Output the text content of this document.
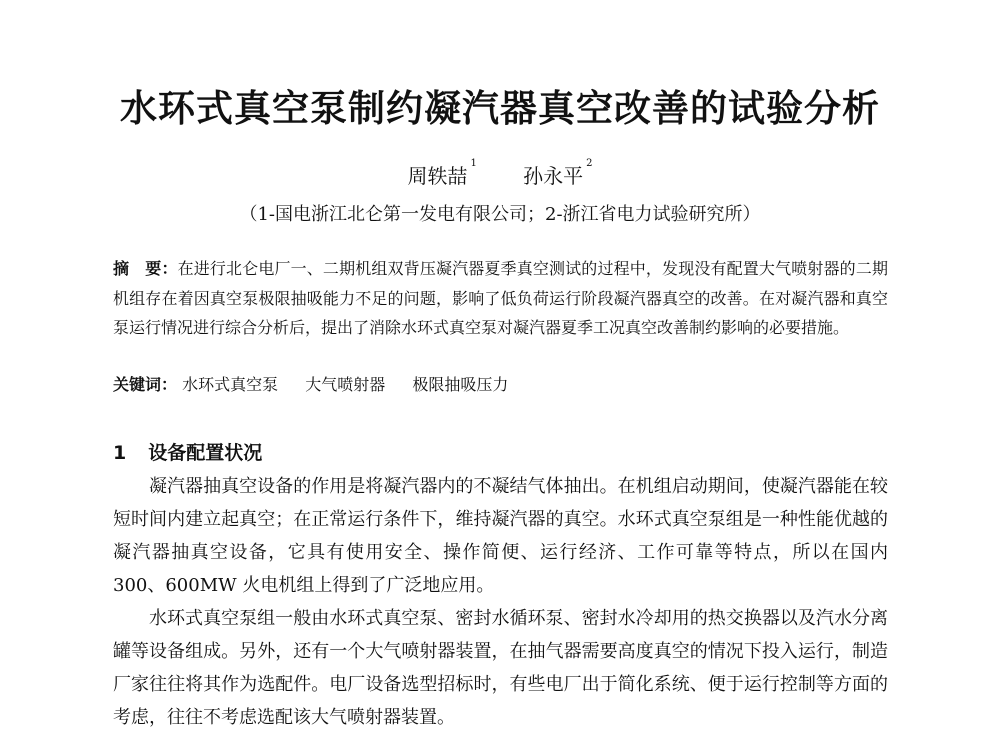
水环式真空泵制约凝汽器真空改善的试验分析
周轶喆$^1$ 孙永平$^2$
（1-国电浙江北仑第一发电有限公司；2-浙江省电力试验研究所）
摘　要：在进行北仑电厂一、二期机组双背压凝汽器夏季真空测试的过程中，发现没有配置大气喷射器的二期机组存在着因真空泵极限抽吸能力不足的问题，影响了低负荷运行阶段凝汽器真空的改善。在对凝汽器和真空泵运行情况进行综合分析后，提出了消除水环式真空泵对凝汽器夏季工况真空改善制约影响的必要措施。
关键词： 水环式真空泵 大气喷射器 极限抽吸压力
1 设备配置状况

凝汽器抽真空设备的作用是将凝汽器内的不凝结气体抽出。在机组启动期间，使凝汽器能在较短时间内建立起真空；在正常运行条件下，维持凝汽器的真空。水环式真空泵组是一种性能优越的凝汽器抽真空设备，它具有使用安全、操作简便、运行经济、工作可靠等特点，所以在国内 300、600MW 火电机组上得到了广泛地应用。

水环式真空泵组一般由水环式真空泵、密封水循环泵、密封水冷却用的热交换器以及汽水分离罐等设备组成。另外，还有一个大气喷射器装置，在抽气器需要高度真空的情况下投入运行，制造厂家往往将其作为选配件。电厂设备选型招标时，有些电厂出于简化系统、便于运行控制等方面的考虑，往往不考虑选配该大气喷射器装置。
